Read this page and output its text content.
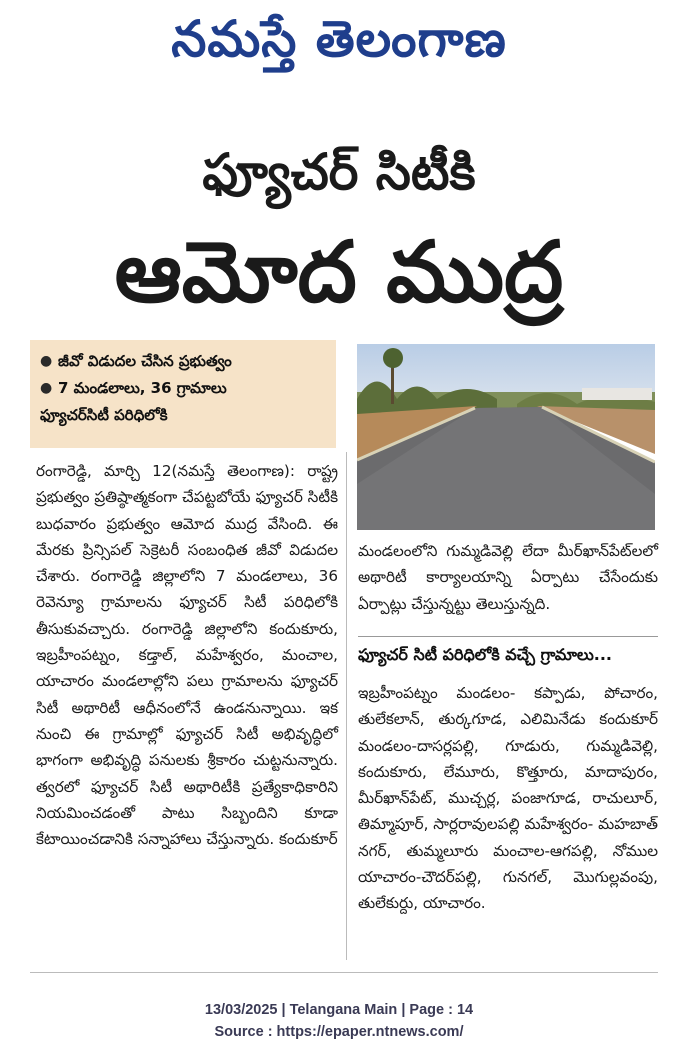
నమస్తే తెలంగాణ
ఫ్యూచర్ సిటీకి
ఆమోద ముద్ర
● జీవో విడుదల చేసిన ప్రభుత్వం
● 7 మండలాలు, 36 గ్రామాలు
ఫ్యూచర్‌సిటీ పరిధిలోకి

రంగారెడ్డి, మార్చి 12(నమస్తే తెలంగాణ): రాష్ట్ర ప్రభుత్వం ప్రతిష్ఠాత్మకంగా చేపట్టబోయే ఫ్యూచర్ సిటీకి బుధవారం ప్రభుత్వం ఆమోద ముద్ర వేసింది. ఈ మేరకు ప్రిన్సిపల్ సెక్రెటరీ సంబంధిత జీవో విడుదల చేశారు. రంగారెడ్డి జిల్లాలోని 7 మండలాలు, 36 రెవెన్యూ గ్రామాలను ఫ్యూచర్ సిటీ పరిధిలోకి తీసుకువచ్చారు. రంగారెడ్డి జిల్లాలోని కందుకూరు, ఇబ్రహీంపట్నం, కడ్తాల్, మహేశ్వరం, మంచాల, యాచారం మండలాల్లోని పలు గ్రామాలను ఫ్యూచర్ సిటీ అథారిటీ ఆధీనంలోనే ఉండనున్నాయి. ఇక నుంచి ఈ గ్రామాల్లో ఫ్యూచర్ సిటీ అభివృద్ధిలో భాగంగా అభివృద్ధి పనులకు శ్రీకారం చుట్టనున్నారు. త్వరలో ఫ్యూచర్ సిటీ అథారిటీకి ప్రత్యేకాధికారిని నియమించడంతో పాటు సిబ్బందిని కూడా కేటాయించడానికి సన్నాహాలు చేస్తున్నారు. కందుకూర్

మండలంలోని గుమ్మడివెల్లి లేదా మీర్‌ఖాన్‌పేట్‌లలో అథారిటీ కార్యాలయాన్ని ఏర్పాటు చేసేందుకు ఏర్పాట్లు చేస్తున్నట్టు తెలుస్తున్నది.

ఫ్యూచర్ సిటీ పరిధిలోకి వచ్చే గ్రామాలు...

ఇబ్రహీంపట్నం మండలం- కప్పాడు, పోచారం, తులేకలాన్, తుర్కగూడ, ఎలిమినేడు కందుకూర్ మండలం-దాసర్లపల్లి, గూడురు, గుమ్మడివెల్లి, కందుకూరు, లేమూరు, కొత్తూరు, మాదాపురం, మీర్‌ఖాన్‌పేట్, ముచ్చర్ల, పంజాగూడ, రాచులూర్, తిమ్మాపూర్, సార్లరావులపల్లి మహేశ్వరం- మహబాత్ నగర్, తుమ్మలూరు మంచాల-ఆగపల్లి, నోముల యాచారం-చౌదర్‌పల్లి, గునగల్, మొగుల్లవంపు, తులేకుర్దు, యాచారం.

13/03/2025 | Telangana Main | Page : 14
Source : https://epaper.ntnews.com/
